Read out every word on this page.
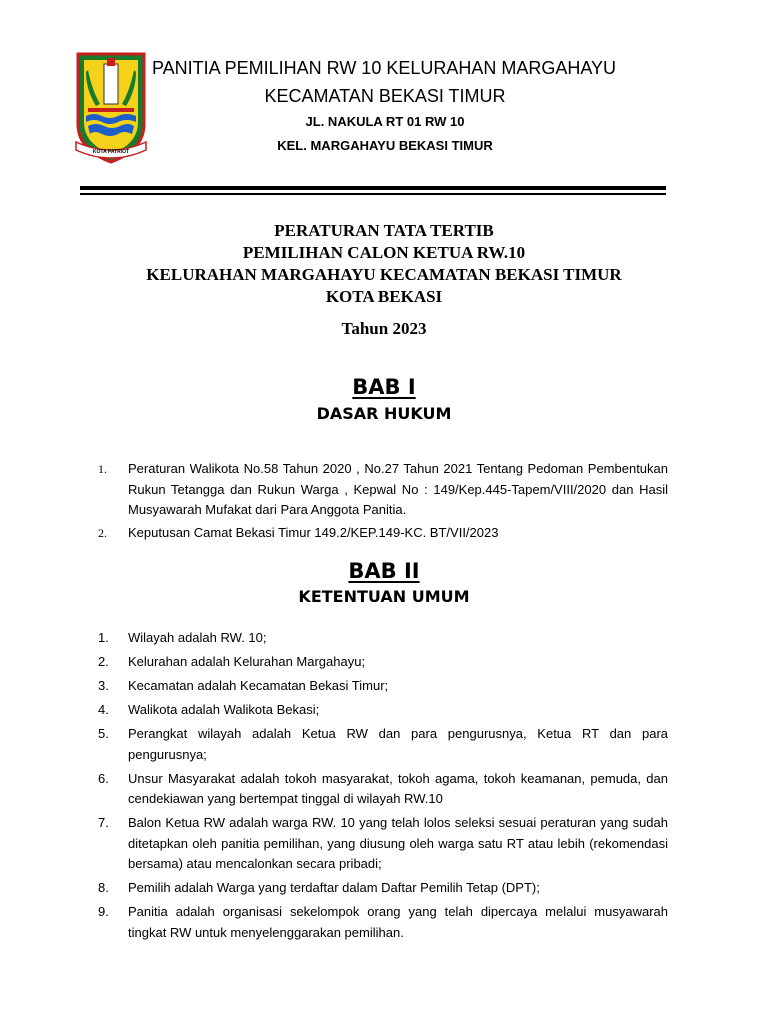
KOTA PATRIOT
PANITIA PEMILIHAN RW 10 KELURAHAN MARGAHAYU
KECAMATAN BEKASI TIMUR
JL. NAKULA RT 01 RW 10
KEL. MARGAHAYU BEKASI TIMUR
PERATURAN TATA TERTIB
PEMILIHAN CALON KETUA RW.10
KELURAHAN MARGAHAYU KECAMATAN BEKASI TIMUR
KOTA BEKASI
Tahun 2023
BAB I
DASAR HUKUM
1.	Peraturan Walikota No.58 Tahun 2020 , No.27 Tahun 2021 Tentang Pedoman Pembentukan Rukun Tetangga dan Rukun Warga , Kepwal No : 149/Kep.445-Tapem/VIII/2020 dan Hasil Musyawarah Mufakat dari Para Anggota Panitia.
2.	Keputusan Camat Bekasi Timur 149.2/KEP.149-KC. BT/VII/2023
BAB II
KETENTUAN UMUM
1.	Wilayah adalah RW. 10;
2.	Kelurahan adalah Kelurahan Margahayu;
3.	Kecamatan adalah Kecamatan Bekasi Timur;
4.	Walikota adalah Walikota Bekasi;
5.	Perangkat wilayah adalah Ketua RW dan para pengurusnya, Ketua RT dan para pengurusnya;
6.	Unsur Masyarakat adalah tokoh masyarakat, tokoh agama, tokoh keamanan, pemuda, dan cendekiawan yang bertempat tinggal di wilayah RW.10
7.	Balon Ketua RW adalah warga RW. 10 yang telah lolos seleksi sesuai peraturan yang sudah ditetapkan oleh panitia pemilihan, yang diusung oleh warga satu RT atau lebih (rekomendasi bersama) atau mencalonkan secara pribadi;
8.	Pemilih adalah Warga yang terdaftar dalam Daftar Pemilih Tetap (DPT);
9.	Panitia adalah organisasi sekelompok orang yang telah dipercaya melalui musyawarah tingkat RW untuk menyelenggarakan pemilihan.
